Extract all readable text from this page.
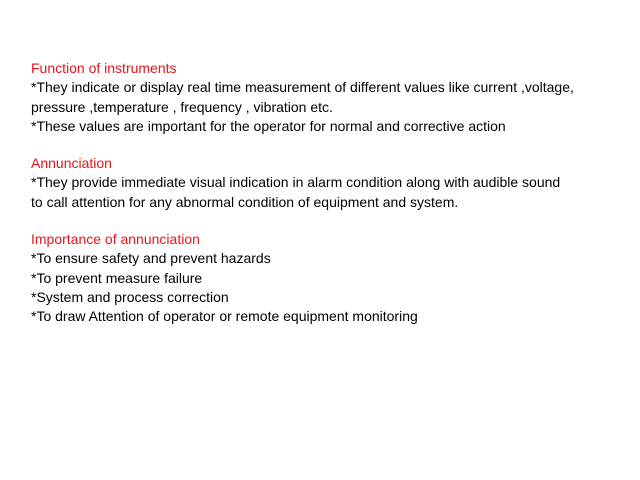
Function of instruments
*They indicate or display real time measurement of different values like current ,voltage,
pressure ,temperature , frequency , vibration etc.
*These values are important for the operator for normal and corrective action
Annunciation
*They provide immediate visual indication in alarm condition along with audible sound
to call attention for any abnormal condition of equipment and system.
Importance of annunciation
*To ensure safety and prevent hazards
*To prevent measure failure
*System and process correction
*To draw Attention of operator or remote equipment monitoring
